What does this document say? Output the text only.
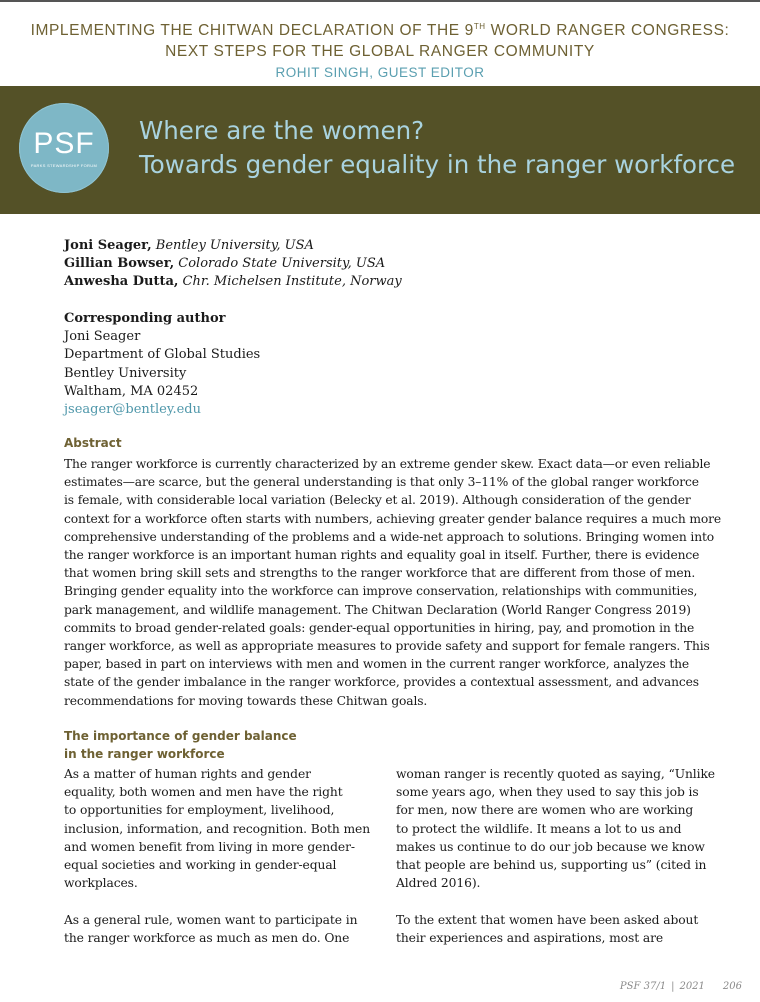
IMPLEMENTING THE CHITWAN DECLARATION OF THE 9TH WORLD RANGER CONGRESS:
NEXT STEPS FOR THE GLOBAL RANGER COMMUNITY
ROHIT SINGH, GUEST EDITOR
PSF
PARKS STEWARDSHIP FORUM
Where are the women?
Towards gender equality in the ranger workforce
Joni Seager, Bentley University, USA
Gillian Bowser, Colorado State University, USA
Anwesha Dutta, Chr. Michelsen Institute, Norway
Corresponding author
Joni Seager
Department of Global Studies
Bentley University
Waltham, MA 02452
jseager@bentley.edu
Abstract
The ranger workforce is currently characterized by an extreme gender skew. Exact data—or even reliable
estimates—are scarce, but the general understanding is that only 3–11% of the global ranger workforce
is female, with considerable local variation (Belecky et al. 2019). Although consideration of the gender
context for a workforce often starts with numbers, achieving greater gender balance requires a much more
comprehensive understanding of the problems and a wide-net approach to solutions. Bringing women into
the ranger workforce is an important human rights and equality goal in itself. Further, there is evidence
that women bring skill sets and strengths to the ranger workforce that are different from those of men.
Bringing gender equality into the workforce can improve conservation, relationships with communities,
park management, and wildlife management. The Chitwan Declaration (World Ranger Congress 2019)
commits to broad gender-related goals: gender-equal opportunities in hiring, pay, and promotion in the
ranger workforce, as well as appropriate measures to provide safety and support for female rangers. This
paper, based in part on interviews with men and women in the current ranger workforce, analyzes the
state of the gender imbalance in the ranger workforce, provides a contextual assessment, and advances
recommendations for moving towards these Chitwan goals.
The importance of gender balance
in the ranger workforce
As a matter of human rights and gender
equality, both women and men have the right
to opportunities for employment, livelihood,
inclusion, information, and recognition. Both men
and women benefit from living in more gender-
equal societies and working in gender-equal
workplaces.
As a general rule, women want to participate in
the ranger workforce as much as men do. One
woman ranger is recently quoted as saying, “Unlike
some years ago, when they used to say this job is
for men, now there are women who are working
to protect the wildlife. It means a lot to us and
makes us continue to do our job because we know
that people are behind us, supporting us” (cited in
Aldred 2016).
To the extent that women have been asked about
their experiences and aspirations, most are
PSF 37/1 | 2021 206
